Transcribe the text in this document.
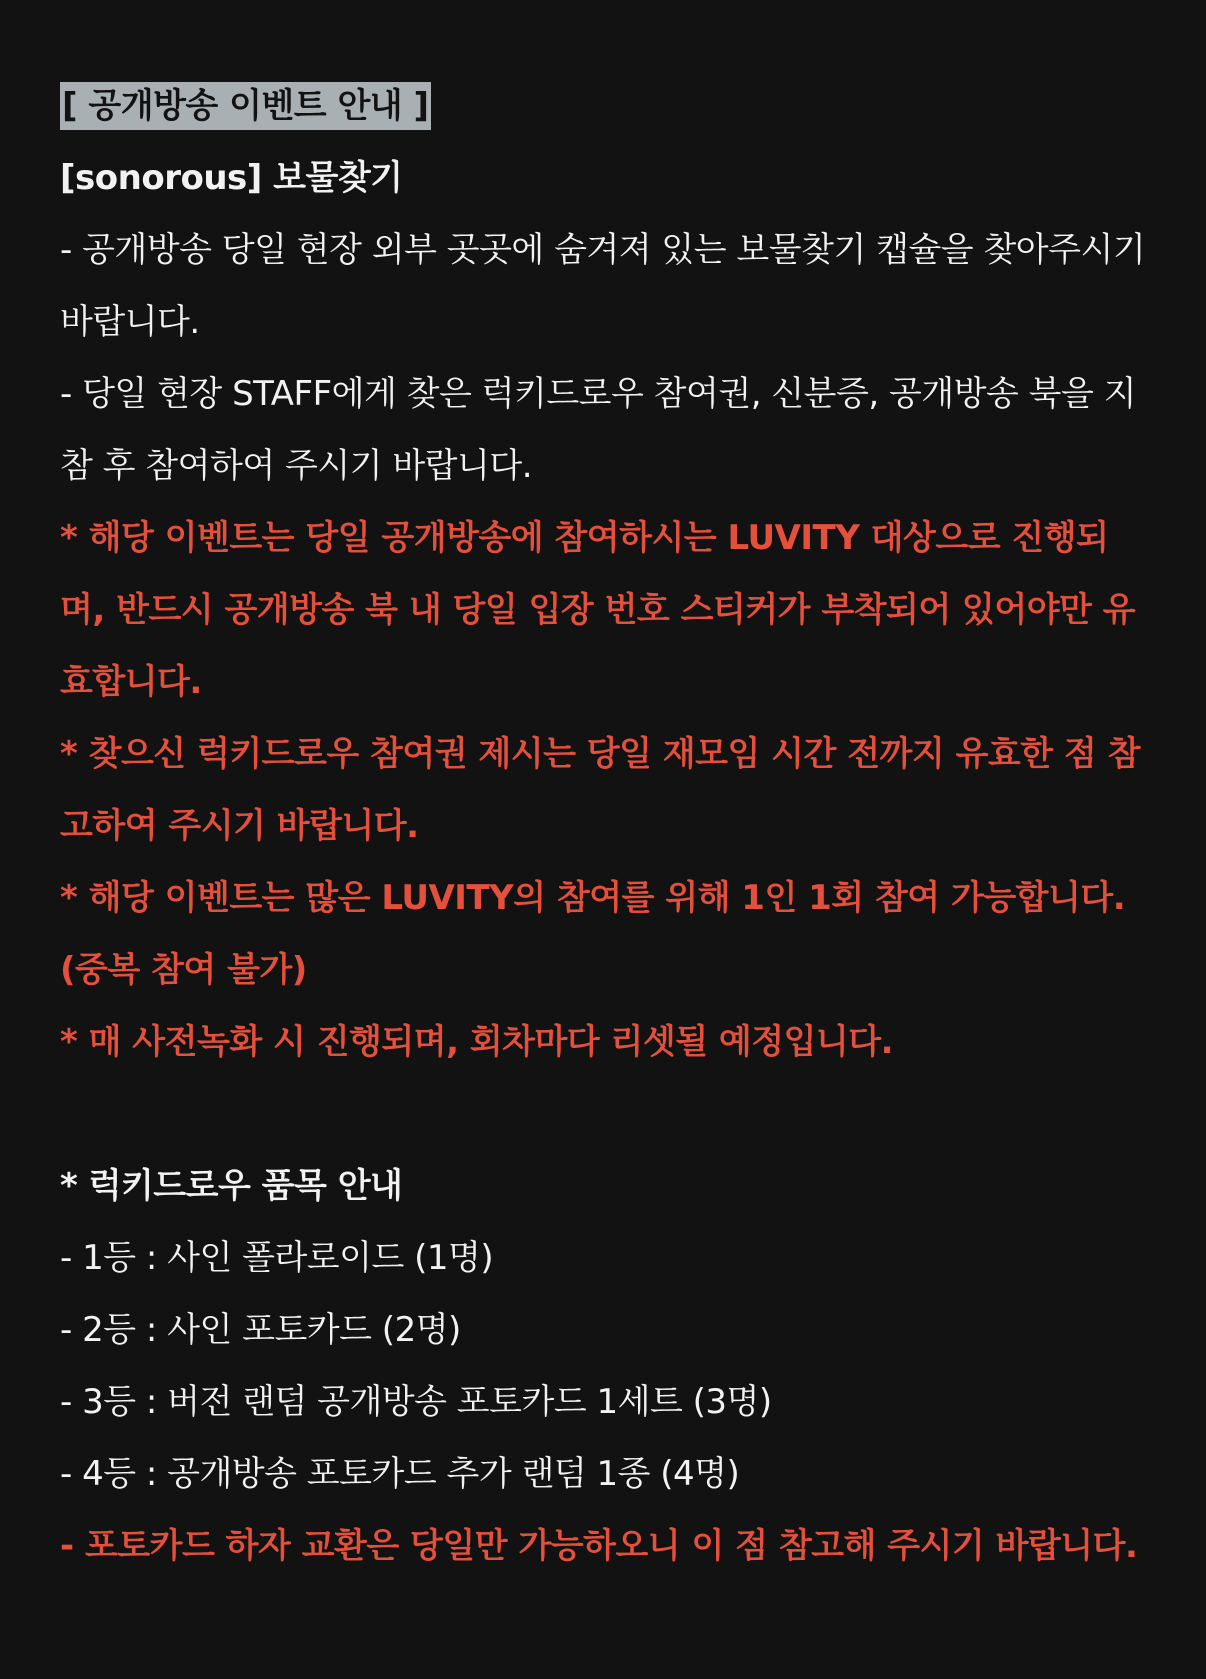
[ 공개방송 이벤트 안내 ]
[sonorous] 보물찾기
- 공개방송 당일 현장 외부 곳곳에 숨겨져 있는 보물찾기 캡슐을 찾아주시기 바랍니다.
- 당일 현장 STAFF에게 찾은 럭키드로우 참여권, 신분증, 공개방송 북을 지참 후 참여하여 주시기 바랍니다.
* 해당 이벤트는 당일 공개방송에 참여하시는 LUVITY 대상으로 진행되며, 반드시 공개방송 북 내 당일 입장 번호 스티커가 부착되어 있어야만 유효합니다.
* 찾으신 럭키드로우 참여권 제시는 당일 재모임 시간 전까지 유효한 점 참고하여 주시기 바랍니다.
* 해당 이벤트는 많은 LUVITY의 참여를 위해 1인 1회 참여 가능합니다. (중복 참여 불가)
* 매 사전녹화 시 진행되며, 회차마다 리셋될 예정입니다.
* 럭키드로우 품목 안내
- 1등 : 사인 폴라로이드 (1명)
- 2등 : 사인 포토카드 (2명)
- 3등 : 버전 랜덤 공개방송 포토카드 1세트 (3명)
- 4등 : 공개방송 포토카드 추가 랜덤 1종 (4명)
- 포토카드 하자 교환은 당일만 가능하오니 이 점 참고해 주시기 바랍니다.
